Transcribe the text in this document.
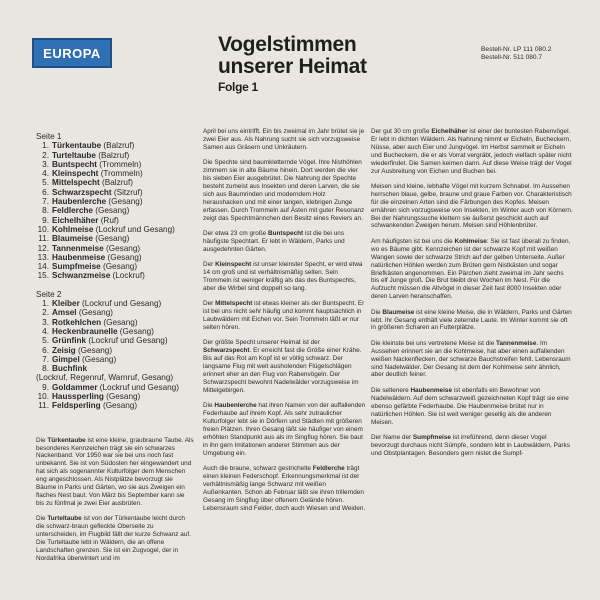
EUROPA	Vogelstimmen
unserer Heimat
Folge 1
Bestell-Nr. LP 111 080.2
Bestell-Nr. 511 080.7
Seite 1
1. Türkentaube (Balzruf)
2. Turteltaube (Balzruf)
3. Buntspecht (Trommeln)
4. Kleinspecht (Trommeln)
5. Mittelspecht (Balzruf)
6. Schwarzspecht (Sitzruf)
7. Haubenlerche (Gesang)
8. Feldlerche (Gesang)
9. Eichelhäher (Ruf)
10. Kohlmeise (Lockruf und Gesang)
11. Blaumeise (Gesang)
12. Tannenmeise (Gesang)
13. Haubenmeise (Gesang)
14. Sumpfmeise (Gesang)
15. Schwanzmeise (Lockruf)
Seite 2
1. Kleiber (Lockruf und Gesang)
2. Amsel (Gesang)
3. Rotkehlchen (Gesang)
4. Heckenbraunelle (Gesang)
5. Grünfink (Lockruf und Gesang)
6. Zeisig (Gesang)
7. Gimpel (Gesang)
8. Buchfink
(Lockruf, Regenruf, Warnruf, Gesang)
9. Goldammer (Lockruf und Gesang)
10. Haussperling (Gesang)
11. Feldsperling (Gesang)

Die Türkentaube ist eine kleine, graubraune Taube. Als besonderes Kennzeichen trägt sie ein schwarzes Nackenband. Vor 1950 war sie bei uns noch fast unbekannt. Sie ist von Südosten her eingewandert und hat sich als sogenannter Kulturfolger dem Menschen eng angeschlossen. Als Nistplätze bevorzugt sie Bäume in Parks und Gärten, wo sie aus Zweigen ein flaches Nest baut. Von März bis September kann sie bis zu fünfmal je zwei Eier ausbrüten.

Die Turteltaube ist von der Türkentaube leicht durch die schwarz-braun gefleckte Oberseite zu unterscheiden, im Flugbild fällt der kurze Schwanz auf. Die Turteltaube lebt in Wäldern, die an offene Landschaften grenzen. Sie ist ein Zugvogel, der in Nordafrika überwintert und im

April bei uns eintrifft. Ein bis zweimal im Jahr brütet sie je zwei Eier aus. Als Nahrung sucht sie sich vorzugsweise Samen aus Gräsern und Unkräutern.

Die Spechte sind baumkletternde Vögel. Ihre Nisthöhlen zimmern sie in alte Bäume hinein. Dort werden die vier bis sieben Eier ausgebrütet. Die Nahrung der Spechte besteht zumeist aus Insekten und deren Larven, die sie sich aus Baumrinden und moderndem Holz heraushacken und mit einer langen, klebrigen Zunge erfassen. Durch Trommeln auf Ästen mit guter Resonanz zeigt das Spechtmännchen den Besitz eines Reviers an.

Der etwa 23 cm große Buntspecht ist die bei uns häufigste Spechtart. Er lebt in Wäldern, Parks und ausgedehnten Gärten.

Der Kleinspecht ist unser kleinster Specht, er wird etwa 14 cm groß und ist verhältnismäßig selten. Sein Trommeln ist weniger kräftig als das des Buntspechts, aber die Wirbel sind doppelt so lang.

Der Mittelspecht ist etwas kleiner als der Buntspecht. Er ist bei uns nicht sehr häufig und kommt hauptsächlich in Laubwäldern mit Eichen vor. Sein Trommeln läßt er nur selten hören.

Der größte Specht unserer Heimat ist der Schwarzspecht. Er erreicht fast die Größe einer Krähe. Bis auf das Rot am Kopf ist er völlig schwarz. Der langsame Flug mit weit ausholenden Flügelschlägen erinnert eher an den Flug von Rabenvögeln. Der Schwarzspecht bewohnt Nadelwälder vorzugsweise im Mittelgebirgen.

Die Haubenlerche hat ihren Namen von der auffallenden Federhaube auf ihrem Kopf. Als sehr zutraulicher Kulturfolger lebt sie in Dörfern und Städten mit größeren freien Plätzen. Ihren Gesang läßt sie häufiger von einem erhöhten Standpunkt aus als im Singflug hören. Sie baut in ihn gern Imitationen anderer Stimmen aus der Umgebung ein.

Auch die braune, schwarz gestrichelte Feldlerche trägt einen kleinen Federschopf. Erkennungsmerkmal ist der verhältnismäßig lange Schwanz mit weißen Außenkanten. Schon ab Februar läßt sie ihren trillernden Gesang im Singflug über offenem Gelände hören. Lebensraum sind Felder, doch auch Wiesen und Weiden.

Der gut 30 cm große Eichelhäher ist einer der buntesten Rabenvögel. Er lebt in dichten Wäldern. Als Nahrung nimmt er Eicheln, Bucheckern, Nüsse, aber auch Eier und Jungvögel. Im Herbst sammelt er Eicheln und Bucheckern, die er als Vorrat vergräbt, jedoch vielfach später nicht wiederfindet. Die Samen keimen dann. Auf diese Weise trägt der Vogel zur Ausbreitung von Eichen und Buchen bei.

Meisen sind kleine, lebhafte Vögel mit kurzem Schnabel. Im Aussehen herrschen blaue, gelbe, braune und graue Farben vor. Charakteristisch für die einzelnen Arten sind die Färbungen des Kopfes. Meisen ernähren sich vorzugsweise von Insekten, im Winter auch von Körnern. Bei der Nahrungssuche klettern sie äußerst geschickt auch auf schwankenden Zweigen herum. Meisen sind Höhlenbrüter.

Am häufigsten ist bei uns die Kohlmeise: Sie ist fast überall zu finden, wo es Bäume gibt. Kennzeichen ist der schwarze Kopf mit weißen Wangen sowie der schwarze Strich auf der gelben Unterseite. Außer natürlichen Höhlen werden zum Brüten gern Nistkästen und sogar Briefkästen angenommen. Ein Pärchen zieht zweimal im Jahr sechs bis elf Junge groß. Die Brut bleibt drei Wochen im Nest. Für die Aufzucht müssen die Altvögel in dieser Zeit fast 8000 Insekten oder deren Larven heranschaffen.

Die Blaumeise ist eine kleine Meise, die in Wäldern, Parks und Gärten lebt. Ihr Gesang enthält viele zeternde Laute. Im Winter kommt sie oft in größeren Scharen an Futterplätze.

Die kleinste bei uns vertretene Meise ist die Tannenmeise. Im Aussehen erinnert sie an die Kohlmeise, hat aber einen auffallenden weißen Nackenflecken, der schwarze Bauchstreifen fehlt. Lebensraum sind Nadelwälder. Der Gesang ist dem der Kohlmeise sehr ähnlich, aber deutlich feiner.

Die seltenere Haubenmeise ist ebenfalls ein Bewohner von Nadelwäldern. Auf dem schwarzweiß gezeichneten Kopf trägt sie eine ebenso gefärbte Federhaube. Die Haubenmeise brütet nur in natürlichen Höhlen. Sie ist weit weniger gesellig als die anderen Meisen.

Der Name der Sumpfmeise ist irreführend, denn dieser Vogel bevorzugt durchaus nicht Sümpfe, sondern lebt in Laubwäldern, Parks und Obstplantagen. Besonders gern nistet die Sumpf-
